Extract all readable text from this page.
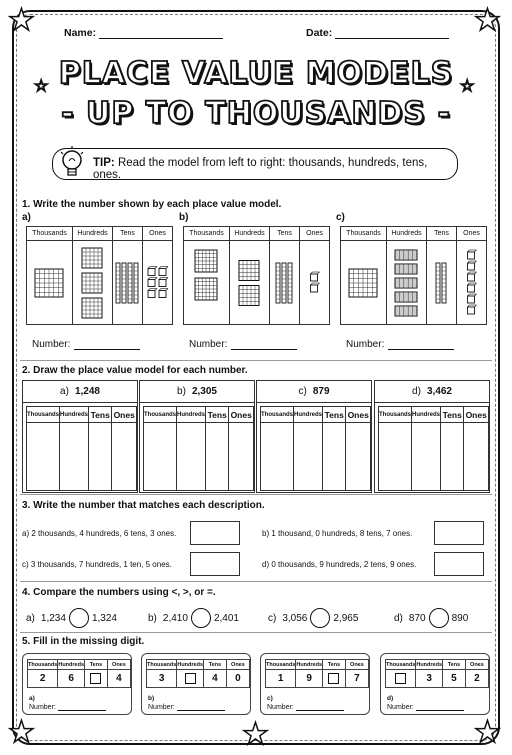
★	★
★	★
★
☆	☆
Name:	Date:
PLACE VALUE MODELS
- UP TO THOUSANDS -
TIP: Read the model from left to right: thousands, hundreds, tens, ones.
1. Write the number shown by each place value model.
a)
Thousands	Hundreds	Tens	Ones

Number:
b)
Thousands	Hundreds	Tens	Ones

Number:
c)
Thousands	Hundreds	Tens	Ones

Number:
2. Draw the place value model for each number.
a) 1,248
Thousands	Hundreds	Tens	Ones

b) 2,305
Thousands	Hundreds	Tens	Ones

c) 879
Thousands	Hundreds	Tens	Ones

d) 3,462
Thousands	Hundreds	Tens	Ones

3. Write the number that matches each description.
a) 2 thousands, 4 hundreds, 6 tens, 3 ones.	b) 1 thousand, 0 hundreds, 8 tens, 7 ones.
c) 3 thousands, 7 hundreds, 1 ten, 5 ones.	d) 0 thousands, 9 hundreds, 2 tens, 9 ones.
4. Compare the numbers using <, >, or =.
a) 1,234	1,324	b) 2,410	2,401	c) 3,056	2,965	d) 870	890
5. Fill in the missing digit.
Thousands	Hundreds	Tens	Ones
2	6		4
a)
Number:
Thousands	Hundreds	Tens	Ones
3		4	0
b)
Number:
Thousands	Hundreds	Tens	Ones
1	9		7
c)
Number:
Thousands	Hundreds	Tens	Ones
	3	5	2
d)
Number:
